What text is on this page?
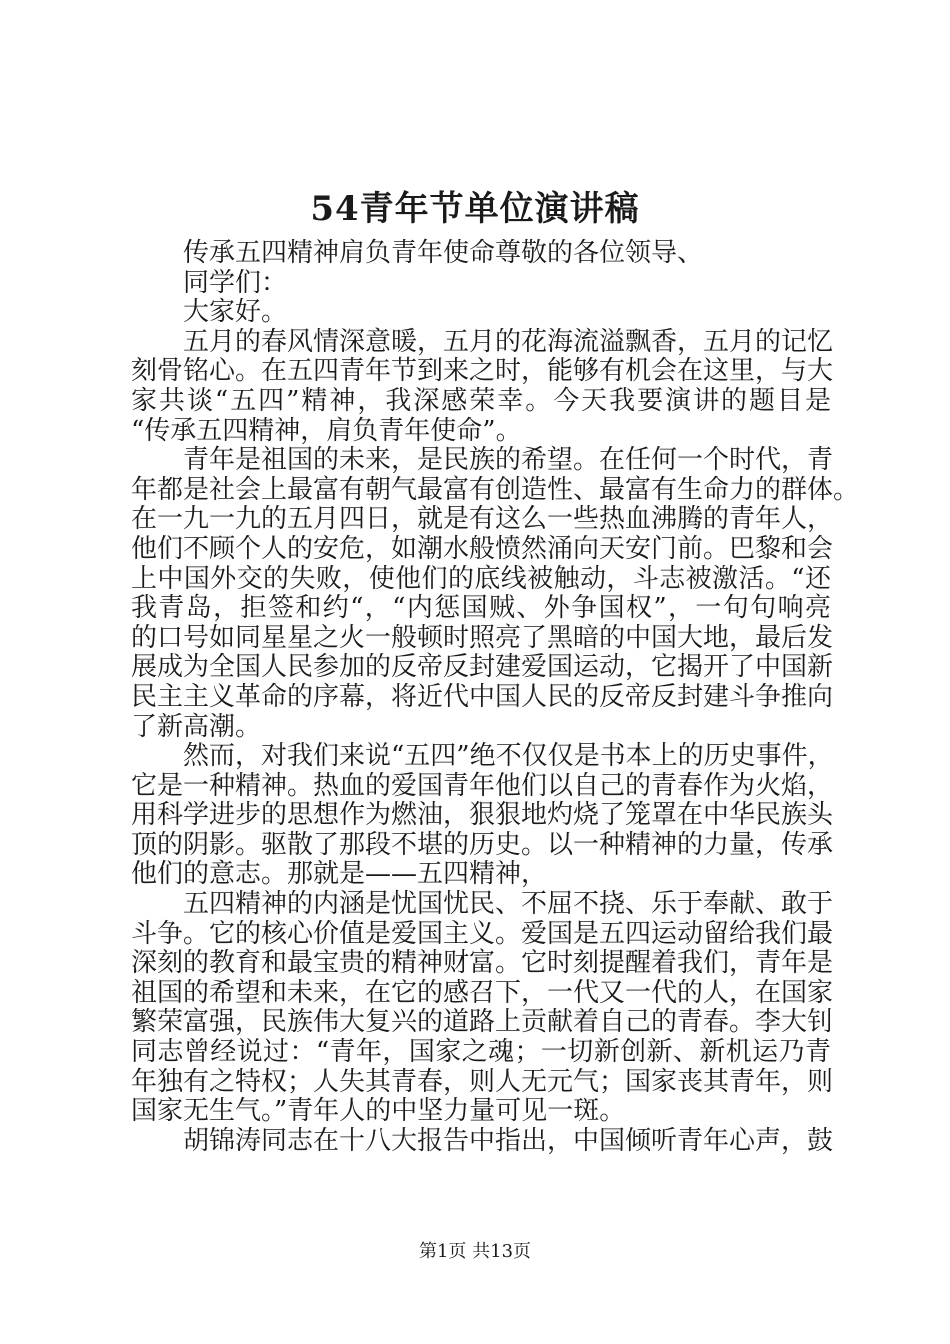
54青年节单位演讲稿
传承五四精神肩负青年使命尊敬的各位领导、
同学们：
大家好。
五月的春风情深意暖，五月的花海流溢飘香，五月的记忆
刻骨铭心。在五四青年节到来之时，能够有机会在这里，与大
家共谈“五四”精神，我深感荣幸。今天我要演讲的题目是
“传承五四精神，肩负青年使命”。
青年是祖国的未来，是民族的希望。在任何一个时代，青
年都是社会上最富有朝气最富有创造性、最富有生命力的群体。
在一九一九的五月四日，就是有这么一些热血沸腾的青年人，
他们不顾个人的安危，如潮水般愤然涌向天安门前。巴黎和会
上中国外交的失败，使他们的底线被触动，斗志被激活。“还
我青岛，拒签和约“，“内惩国贼、外争国权”，一句句响亮
的口号如同星星之火一般顿时照亮了黑暗的中国大地，最后发
展成为全国人民参加的反帝反封建爱国运动，它揭开了中国新
民主主义革命的序幕，将近代中国人民的反帝反封建斗争推向
了新高潮。
然而，对我们来说“五四”绝不仅仅是书本上的历史事件，
它是一种精神。热血的爱国青年他们以自己的青春作为火焰，
用科学进步的思想作为燃油，狠狠地灼烧了笼罩在中华民族头
顶的阴影。驱散了那段不堪的历史。以一种精神的力量，传承
他们的意志。那就是——五四精神，
五四精神的内涵是忧国忧民、不屈不挠、乐于奉献、敢于
斗争。它的核心价值是爱国主义。爱国是五四运动留给我们最
深刻的教育和最宝贵的精神财富。它时刻提醒着我们，青年是
祖国的希望和未来，在它的感召下，一代又一代的人，在国家
繁荣富强，民族伟大复兴的道路上贡献着自己的青春。李大钊
同志曾经说过：“青年，国家之魂；一切新创新、新机运乃青
年独有之特权；人失其青春，则人无元气；国家丧其青年，则
国家无生气。”青年人的中坚力量可见一斑。
胡锦涛同志在十八大报告中指出，中国倾听青年心声，鼓
第1页 共13页
